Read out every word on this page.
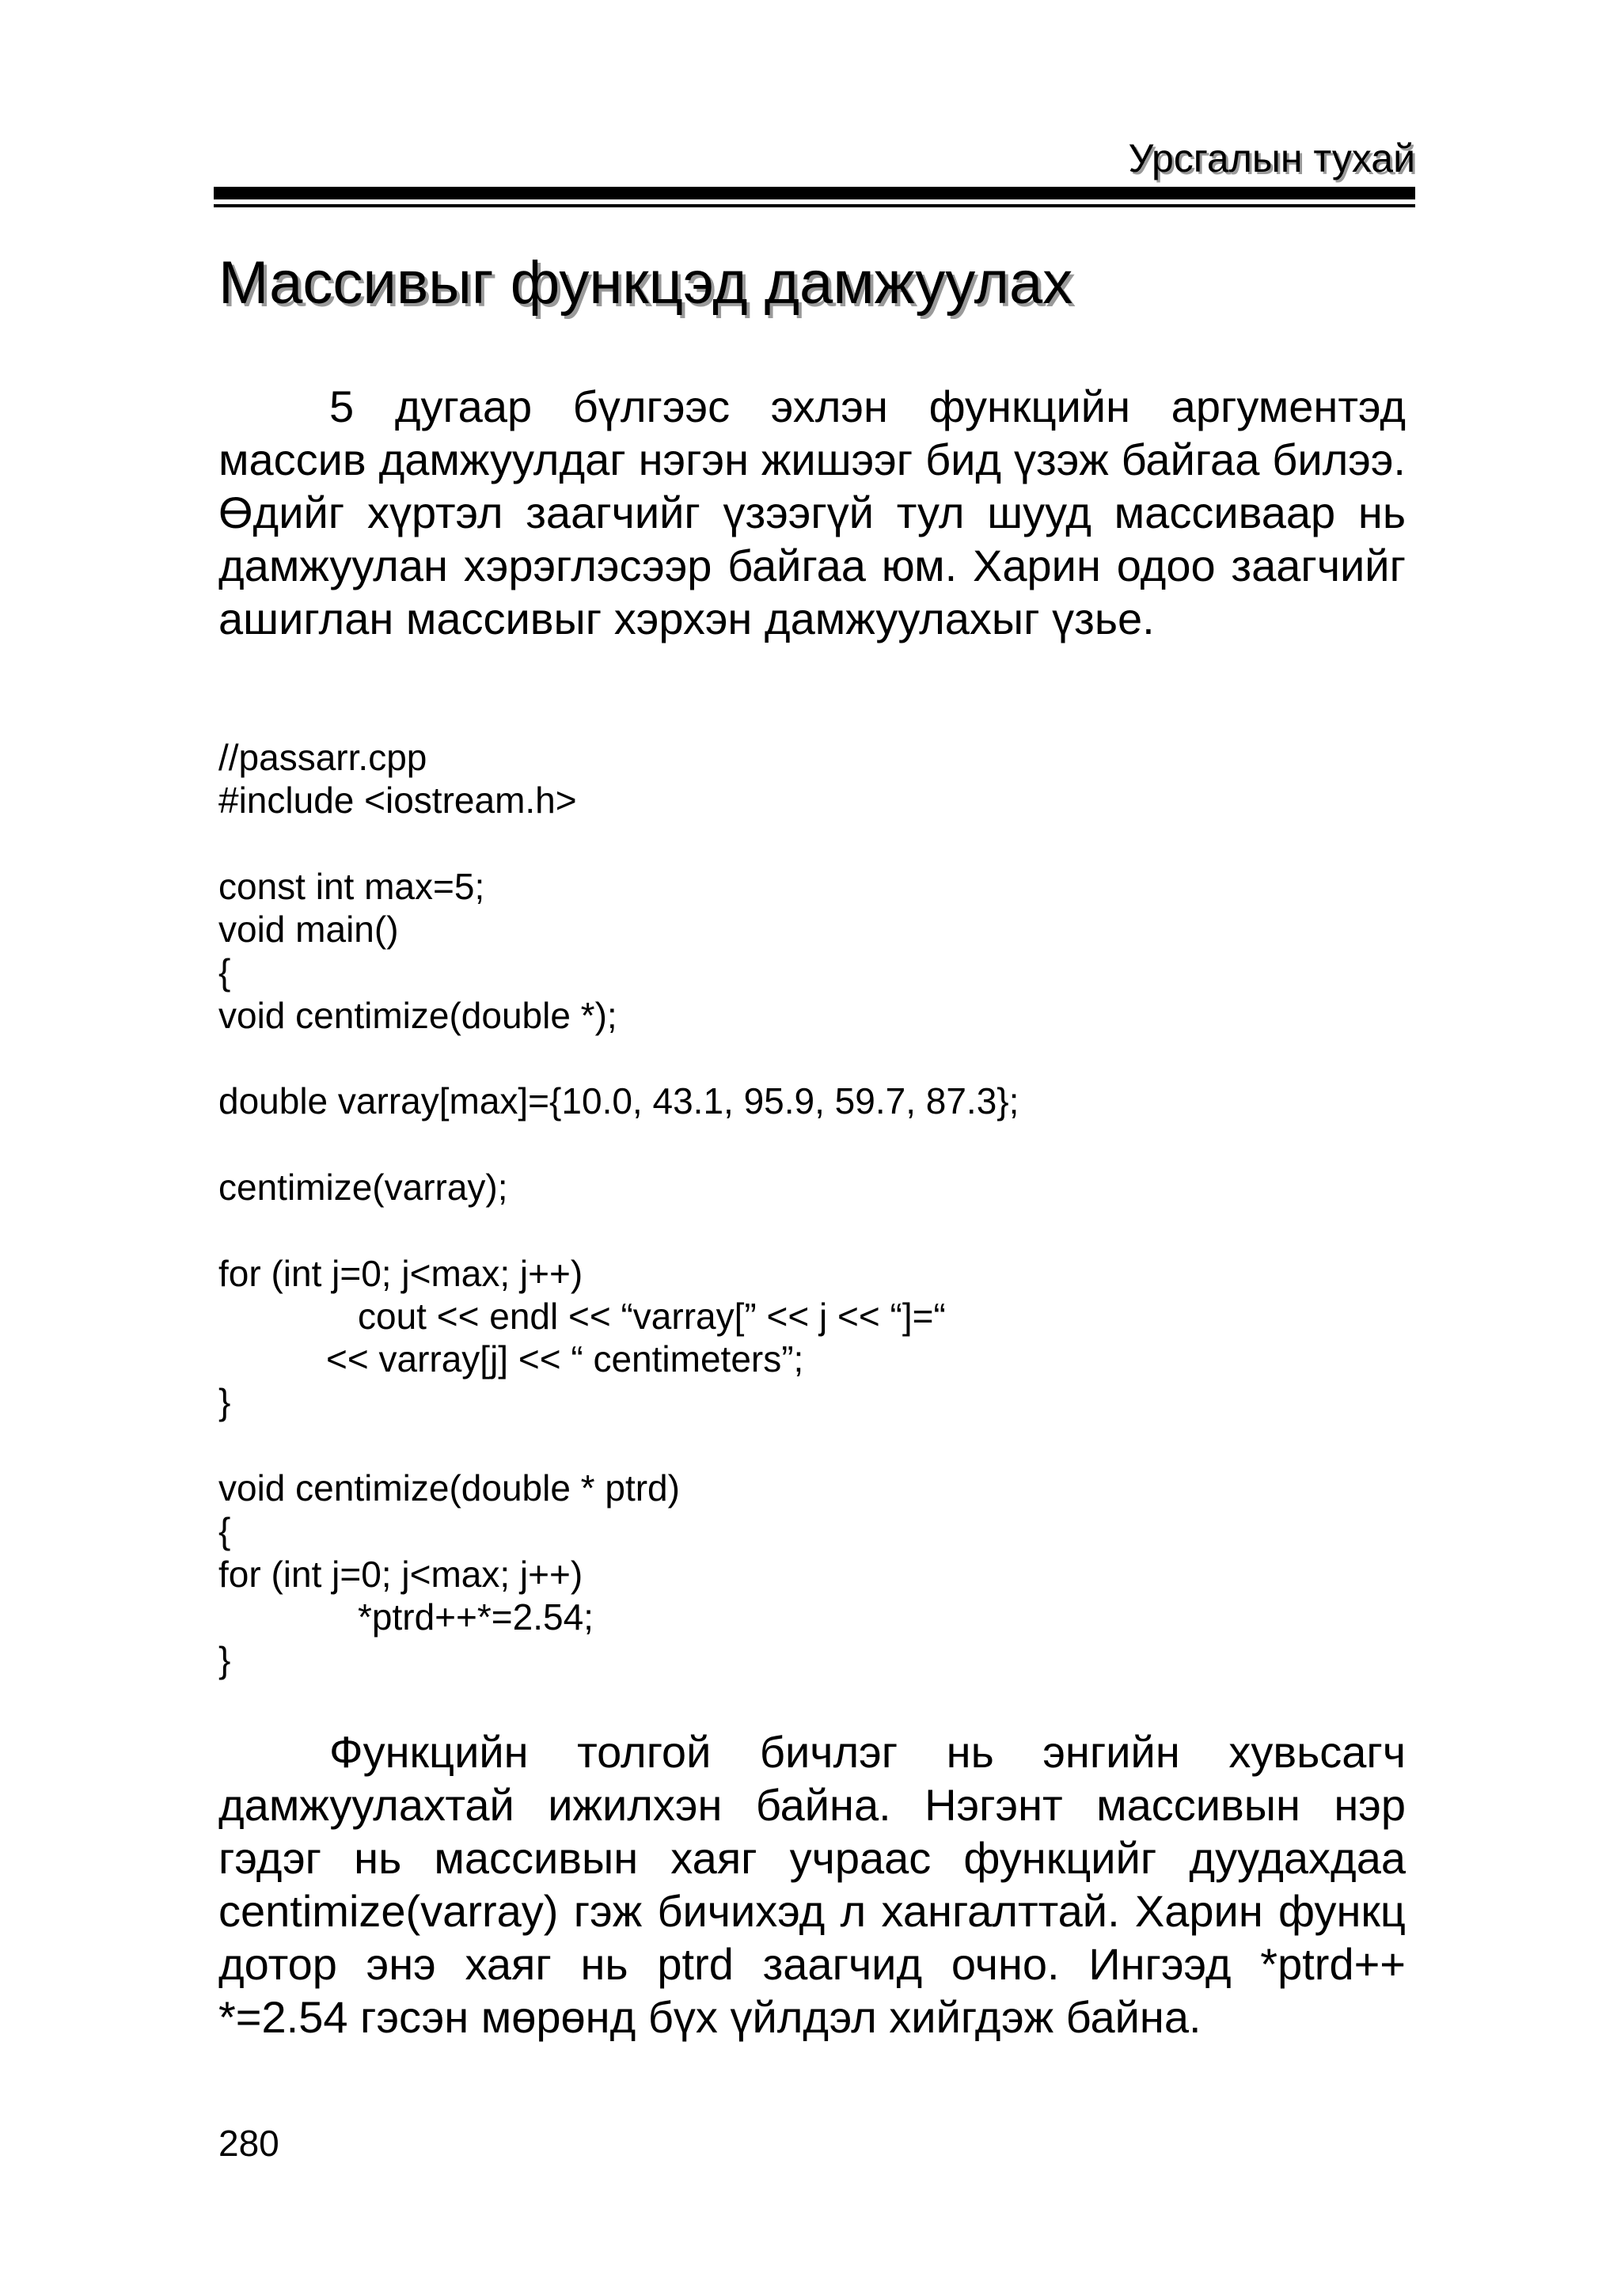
Урсгалын тухай
Массивыг функцэд дамжуулах

5 дугаар бүлгээс эхлэн функцийн аргументэд массив дамжуулдаг нэгэн жишээг бид үзэж байгаа билээ. Өдийг хүртэл заагчийг үзээгүй тул шууд массиваар нь дамжуулан хэрэглэсээр байгаа юм. Харин одоо заагчийг ашиглан массивыг хэрхэн дамжуулахыг үзье.

//passarr.cpp
#include <iostream.h>
const int max=5;
void main()
{
void centimize(double *);
double varray[max]={10.0, 43.1, 95.9, 59.7, 87.3};
centimize(varray);
for (int j=0; j<max; j++)
cout << endl << “varray[” << j << “]=“
<< varray[j] << “ centimeters”;
}
void centimize(double * ptrd)
{
for (int j=0; j<max; j++)
*ptrd++*=2.54;
}

Функцийн толгой бичлэг нь энгийн хувьсагч дамжуулахтай ижилхэн байна. Нэгэнт массивын нэр гэдэг нь массивын хаяг учраас функцийг дуудахдаа centimize(varray) гэж бичихэд л хангалттай. Харин функц дотор энэ хаяг нь ptrd заагчид очно. Ингээд *ptrd++ *=2.54 гэсэн мөрөнд бүх үйлдэл хийгдэж байна.

280
